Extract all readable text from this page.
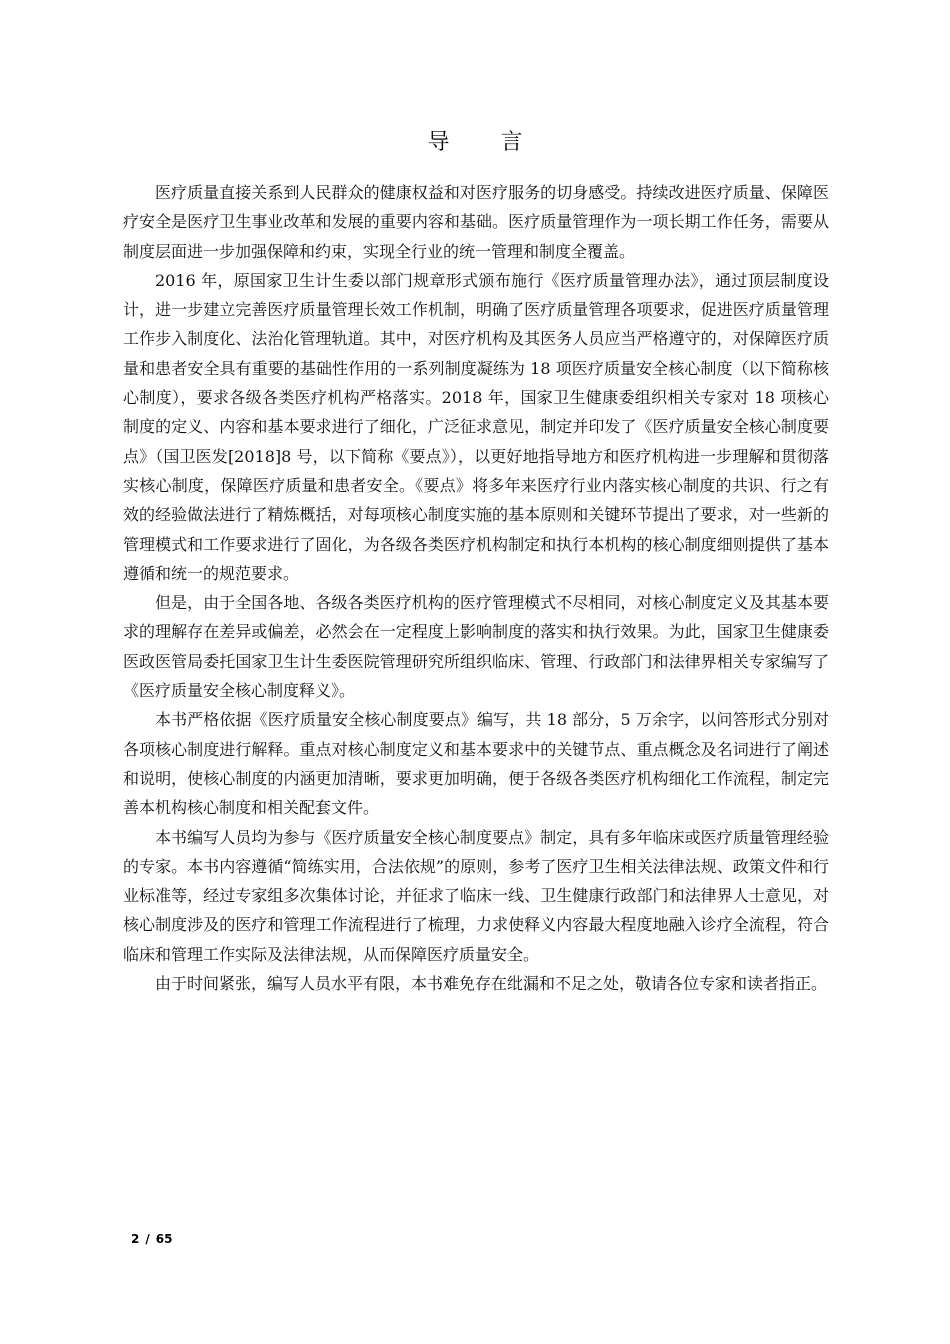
导 言

医疗质量直接关系到人民群众的健康权益和对医疗服务的切身感受。持续改进医疗质量、保障医疗安全是医疗卫生事业改革和发展的重要内容和基础。医疗质量管理作为一项长期工作任务，需要从制度层面进一步加强保障和约束，实现全行业的统一管理和制度全覆盖。

2016 年，原国家卫生计生委以部门规章形式颁布施行《医疗质量管理办法》，通过顶层制度设计，进一步建立完善医疗质量管理长效工作机制，明确了医疗质量管理各项要求，促进医疗质量管理工作步入制度化、法治化管理轨道。其中，对医疗机构及其医务人员应当严格遵守的，对保障医疗质量和患者安全具有重要的基础性作用的一系列制度凝练为 18 项医疗质量安全核心制度（以下简称核心制度），要求各级各类医疗机构严格落实。2018 年，国家卫生健康委组织相关专家对 18 项核心制度的定义、内容和基本要求进行了细化，广泛征求意见，制定并印发了《医疗质量安全核心制度要点》（国卫医发[2018]8 号，以下简称《要点》），以更好地指导地方和医疗机构进一步理解和贯彻落实核心制度，保障医疗质量和患者安全。《要点》将多年来医疗行业内落实核心制度的共识、行之有效的经验做法进行了精炼概括，对每项核心制度实施的基本原则和关键环节提出了要求，对一些新的管理模式和工作要求进行了固化，为各级各类医疗机构制定和执行本机构的核心制度细则提供了基本遵循和统一的规范要求。

但是，由于全国各地、各级各类医疗机构的医疗管理模式不尽相同，对核心制度定义及其基本要求的理解存在差异或偏差，必然会在一定程度上影响制度的落实和执行效果。为此，国家卫生健康委医政医管局委托国家卫生计生委医院管理研究所组织临床、管理、行政部门和法律界相关专家编写了《医疗质量安全核心制度释义》。

本书严格依据《医疗质量安全核心制度要点》编写，共 18 部分，5 万余字，以问答形式分别对各项核心制度进行解释。重点对核心制度定义和基本要求中的关键节点、重点概念及名词进行了阐述和说明，使核心制度的内涵更加清晰，要求更加明确，便于各级各类医疗机构细化工作流程，制定完善本机构核心制度和相关配套文件。

本书编写人员均为参与《医疗质量安全核心制度要点》制定，具有多年临床或医疗质量管理经验的专家。本书内容遵循“简练实用，合法依规”的原则，参考了医疗卫生相关法律法规、政策文件和行业标准等，经过专家组多次集体讨论，并征求了临床一线、卫生健康行政部门和法律界人士意见，对核心制度涉及的医疗和管理工作流程进行了梳理，力求使释义内容最大程度地融入诊疗全流程，符合临床和管理工作实际及法律法规，从而保障医疗质量安全。

由于时间紧张，编写人员水平有限，本书难免存在纰漏和不足之处，敬请各位专家和读者指正。

2 / 65
